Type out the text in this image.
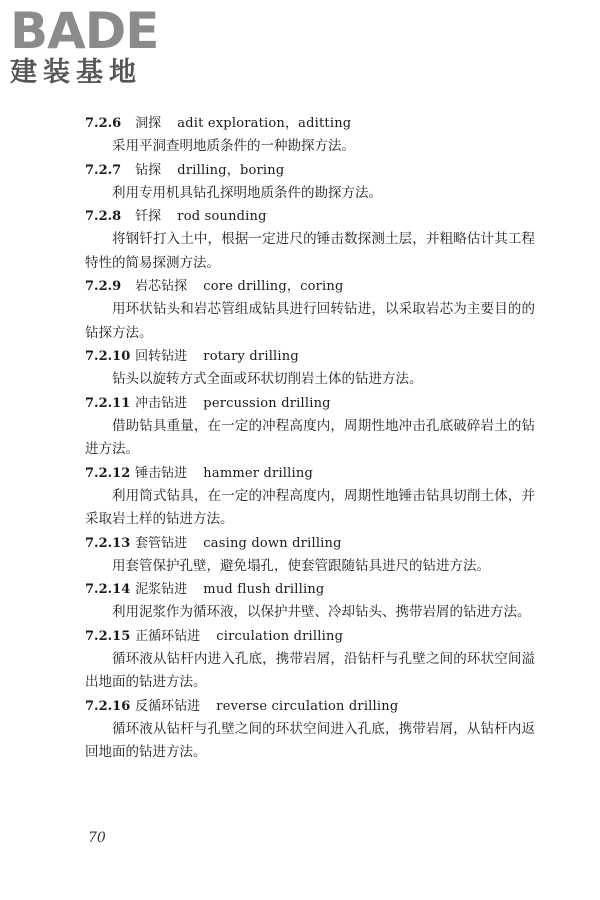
BADE
建装基地
7.2.6 洞探 adit exploration，aditting

采用平洞查明地质条件的一种勘探方法。

7.2.7 钻探 drilling，boring

利用专用机具钻孔探明地质条件的勘探方法。

7.2.8 钎探 rod sounding

将钢钎打入土中，根据一定进尺的锤击数探测土层，并粗略估计其工程特性的简易探测方法。

7.2.9 岩芯钻探 core drilling，coring

用环状钻头和岩芯管组成钻具进行回转钻进，以采取岩芯为主要目的的钻探方法。

7.2.10 回转钻进 rotary drilling

钻头以旋转方式全面或环状切削岩土体的钻进方法。

7.2.11 冲击钻进 percussion drilling

借助钻具重量，在一定的冲程高度内，周期性地冲击孔底破碎岩土的钻进方法。

7.2.12 锤击钻进 hammer drilling

利用筒式钻具，在一定的冲程高度内，周期性地锤击钻具切削土体，并采取岩土样的钻进方法。

7.2.13 套管钻进 casing down drilling

用套管保护孔壁，避免塌孔，使套管跟随钻具进尺的钻进方法。

7.2.14 泥浆钻进 mud flush drilling

利用泥浆作为循环液，以保护井壁、冷却钻头、携带岩屑的钻进方法。

7.2.15 正循环钻进 circulation drilling

循环液从钻杆内进入孔底，携带岩屑，沿钻杆与孔壁之间的环状空间溢出地面的钻进方法。

7.2.16 反循环钻进 reverse circulation drilling

循环液从钻杆与孔壁之间的环状空间进入孔底，携带岩屑，从钻杆内返回地面的钻进方法。

70
